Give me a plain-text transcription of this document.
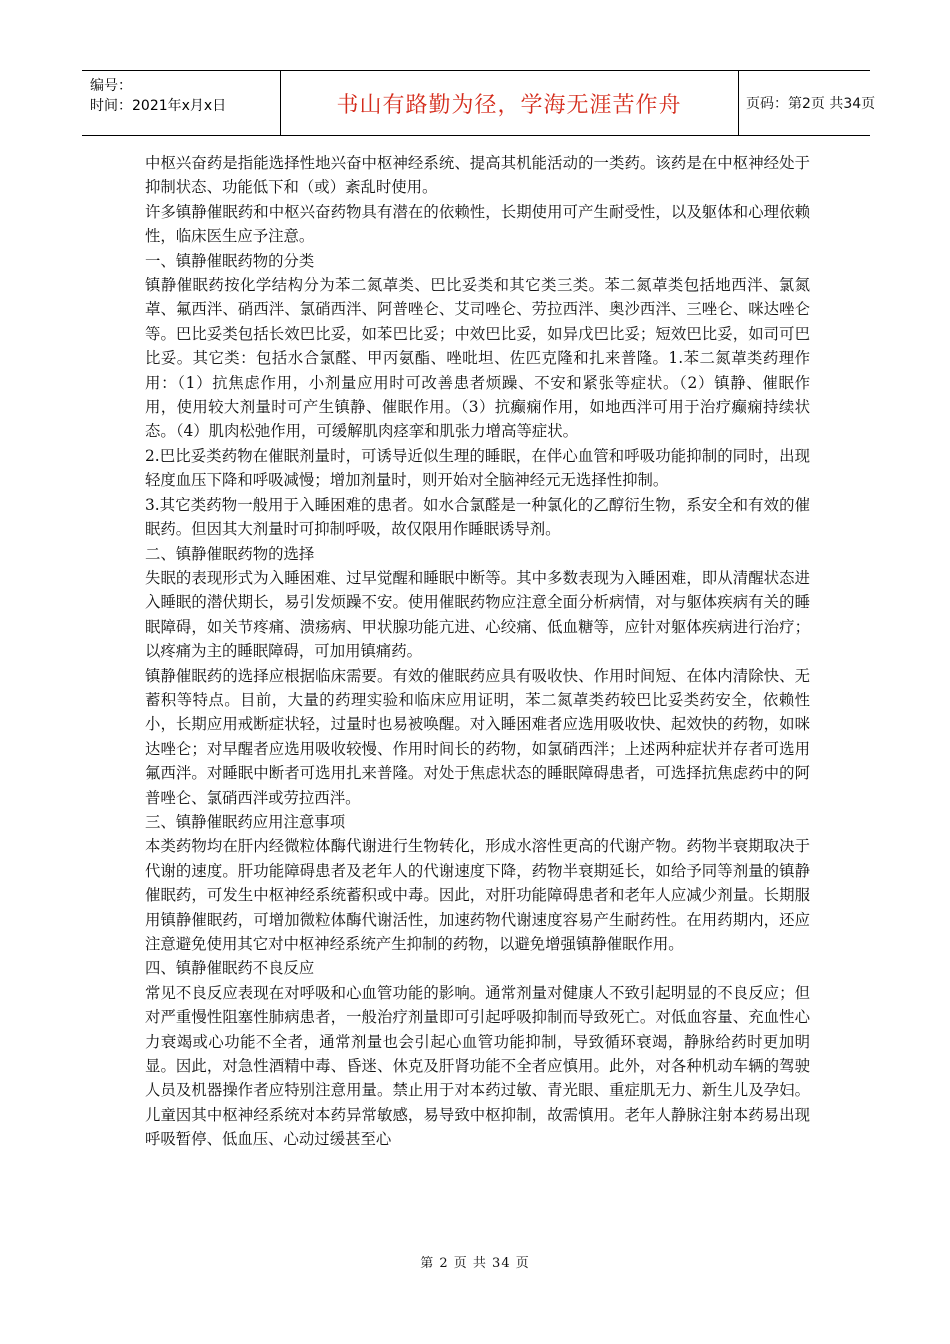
编号：
时间：2021年x月x日	书山有路勤为径，学海无涯苦作舟	页码：第2页 共34页

中枢兴奋药是指能选择性地兴奋中枢神经系统、提高其机能活动的一类药。该药是在中枢神经处于抑制状态、功能低下和（或）紊乱时使用。

许多镇静催眠药和中枢兴奋药物具有潜在的依赖性，长期使用可产生耐受性，以及躯体和心理依赖性，临床医生应予注意。

一、镇静催眠药物的分类

镇静催眠药按化学结构分为苯二氮䓬类、巴比妥类和其它类三类。苯二氮䓬类包括地西泮、氯氮䓬、氟西泮、硝西泮、氯硝西泮、阿普唑仑、艾司唑仑、劳拉西泮、奥沙西泮、三唑仑、咪达唑仑等。巴比妥类包括长效巴比妥，如苯巴比妥；中效巴比妥，如异戊巴比妥；短效巴比妥，如司可巴比妥。其它类：包括水合氯醛、甲丙氨酯、唑吡坦、佐匹克隆和扎来普隆。1.苯二氮䓬类药理作用：（1）抗焦虑作用，小剂量应用时可改善患者烦躁、不安和紧张等症状。（2）镇静、催眠作用，使用较大剂量时可产生镇静、催眠作用。（3）抗癫痫作用，如地西泮可用于治疗癫痫持续状态。（4）肌肉松弛作用，可缓解肌肉痉挛和肌张力增高等症状。

2.巴比妥类药物在催眠剂量时，可诱导近似生理的睡眠，在伴心血管和呼吸功能抑制的同时，出现轻度血压下降和呼吸减慢；增加剂量时，则开始对全脑神经元无选择性抑制。

3.其它类药物一般用于入睡困难的患者。如水合氯醛是一种氯化的乙醇衍生物，系安全和有效的催眠药。但因其大剂量时可抑制呼吸，故仅限用作睡眠诱导剂。

二、镇静催眠药物的选择

失眠的表现形式为入睡困难、过早觉醒和睡眠中断等。其中多数表现为入睡困难，即从清醒状态进入睡眠的潜伏期长，易引发烦躁不安。使用催眠药物应注意全面分析病情，对与躯体疾病有关的睡眠障碍，如关节疼痛、溃疡病、甲状腺功能亢进、心绞痛、低血糖等，应针对躯体疾病进行治疗；以疼痛为主的睡眠障碍，可加用镇痛药。

镇静催眠药的选择应根据临床需要。有效的催眠药应具有吸收快、作用时间短、在体内清除快、无蓄积等特点。目前，大量的药理实验和临床应用证明，苯二氮䓬类药较巴比妥类药安全，依赖性小，长期应用戒断症状轻，过量时也易被唤醒。对入睡困难者应选用吸收快、起效快的药物，如咪达唑仑；对早醒者应选用吸收较慢、作用时间长的药物，如氯硝西泮；上述两种症状并存者可选用氟西泮。对睡眠中断者可选用扎来普隆。对处于焦虑状态的睡眠障碍患者，可选择抗焦虑药中的阿普唑仑、氯硝西泮或劳拉西泮。

三、镇静催眠药应用注意事项

本类药物均在肝内经微粒体酶代谢进行生物转化，形成水溶性更高的代谢产物。药物半衰期取决于代谢的速度。肝功能障碍患者及老年人的代谢速度下降，药物半衰期延长，如给予同等剂量的镇静催眠药，可发生中枢神经系统蓄积或中毒。因此，对肝功能障碍患者和老年人应减少剂量。长期服用镇静催眠药，可增加微粒体酶代谢活性，加速药物代谢速度容易产生耐药性。在用药期内，还应注意避免使用其它对中枢神经系统产生抑制的药物，以避免增强镇静催眠作用。

四、镇静催眠药不良反应

常见不良反应表现在对呼吸和心血管功能的影响。通常剂量对健康人不致引起明显的不良反应；但对严重慢性阻塞性肺病患者，一般治疗剂量即可引起呼吸抑制而导致死亡。对低血容量、充血性心力衰竭或心功能不全者，通常剂量也会引起心血管功能抑制，导致循环衰竭，静脉给药时更加明显。因此，对急性酒精中毒、昏迷、休克及肝肾功能不全者应慎用。此外，对各种机动车辆的驾驶人员及机器操作者应特别注意用量。禁止用于对本药过敏、青光眼、重症肌无力、新生儿及孕妇。儿童因其中枢神经系统对本药异常敏感，易导致中枢抑制，故需慎用。老年人静脉注射本药易出现呼吸暂停、低血压、心动过缓甚至心

第 2 页 共 34 页
